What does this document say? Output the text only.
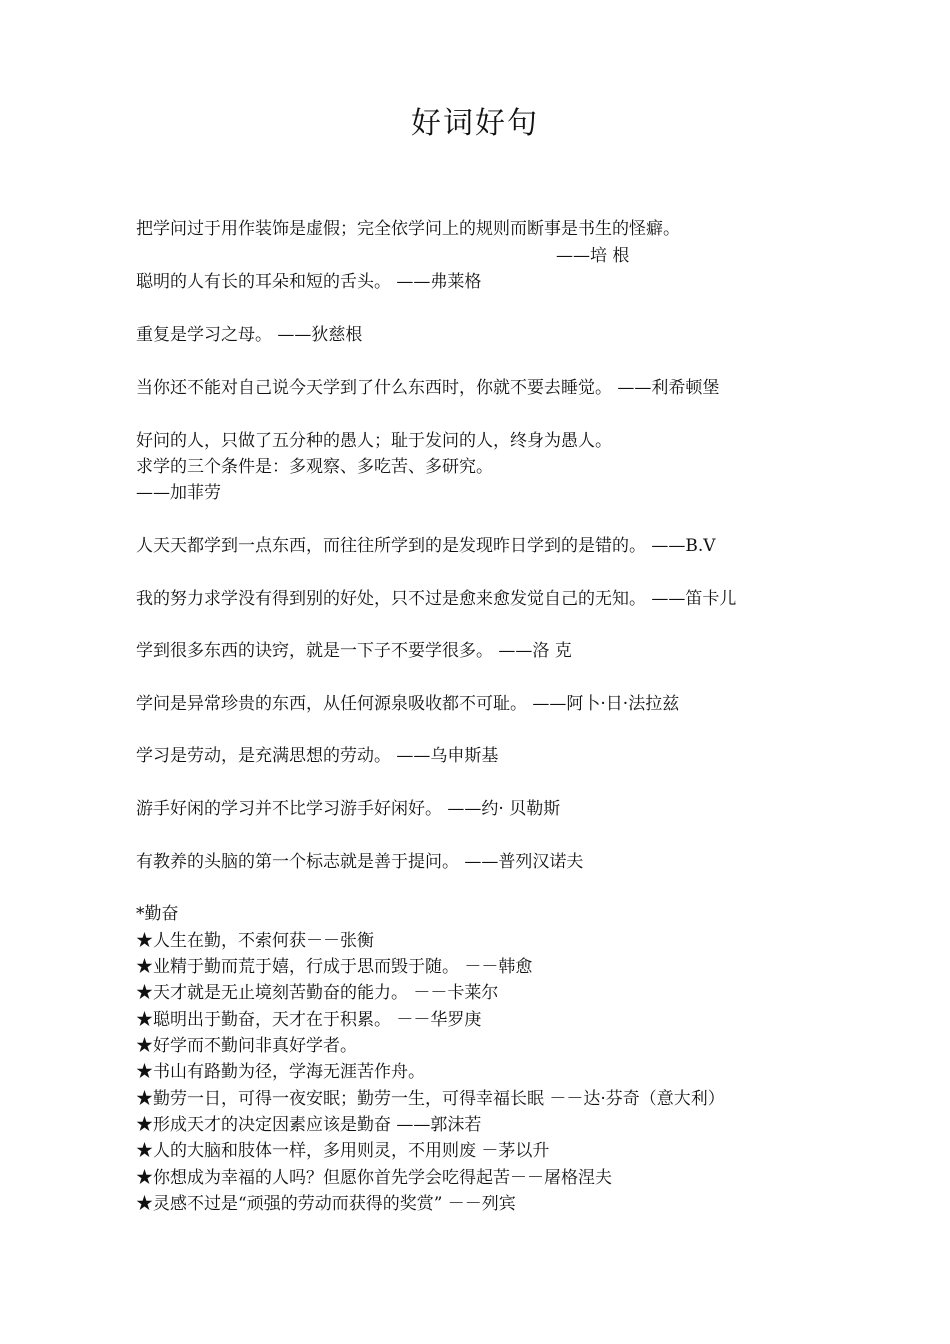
好词好句
把学问过于用作装饰是虚假；完全依学问上的规则而断事是书生的怪癖。
——培 根
聪明的人有长的耳朵和短的舌头。 ——弗莱格
重复是学习之母。 ——狄慈根
当你还不能对自己说今天学到了什么东西时，你就不要去睡觉。 ——利希顿堡
好问的人，只做了五分种的愚人；耻于发问的人，终身为愚人。
求学的三个条件是：多观察、多吃苦、多研究。
——加菲劳
人天天都学到一点东西，而往往所学到的是发现昨日学到的是错的。 ——B.V
我的努力求学没有得到别的好处，只不过是愈来愈发觉自己的无知。 ——笛卡儿
学到很多东西的诀窍，就是一下子不要学很多。 ——洛 克
学问是异常珍贵的东西，从任何源泉吸收都不可耻。 ——阿卜·日·法拉兹
学习是劳动，是充满思想的劳动。 ——乌申斯基
游手好闲的学习并不比学习游手好闲好。 ——约· 贝勒斯
有教养的头脑的第一个标志就是善于提问。 ——普列汉诺夫
*勤奋
★人生在勤，不索何获－－张衡
★业精于勤而荒于嬉，行成于思而毁于随。 －－韩愈
★天才就是无止境刻苦勤奋的能力。 －－卡莱尔
★聪明出于勤奋，天才在于积累。 －－华罗庚
★好学而不勤问非真好学者。
★书山有路勤为径，学海无涯苦作舟。
★勤劳一日，可得一夜安眠；勤劳一生，可得幸福长眠 －－达·芬奇（意大利）
★形成天才的决定因素应该是勤奋 ——郭沫若
★人的大脑和肢体一样，多用则灵，不用则废 －茅以升
★你想成为幸福的人吗？但愿你首先学会吃得起苦－－屠格涅夫
★灵感不过是“顽强的劳动而获得的奖赏” －－列宾
